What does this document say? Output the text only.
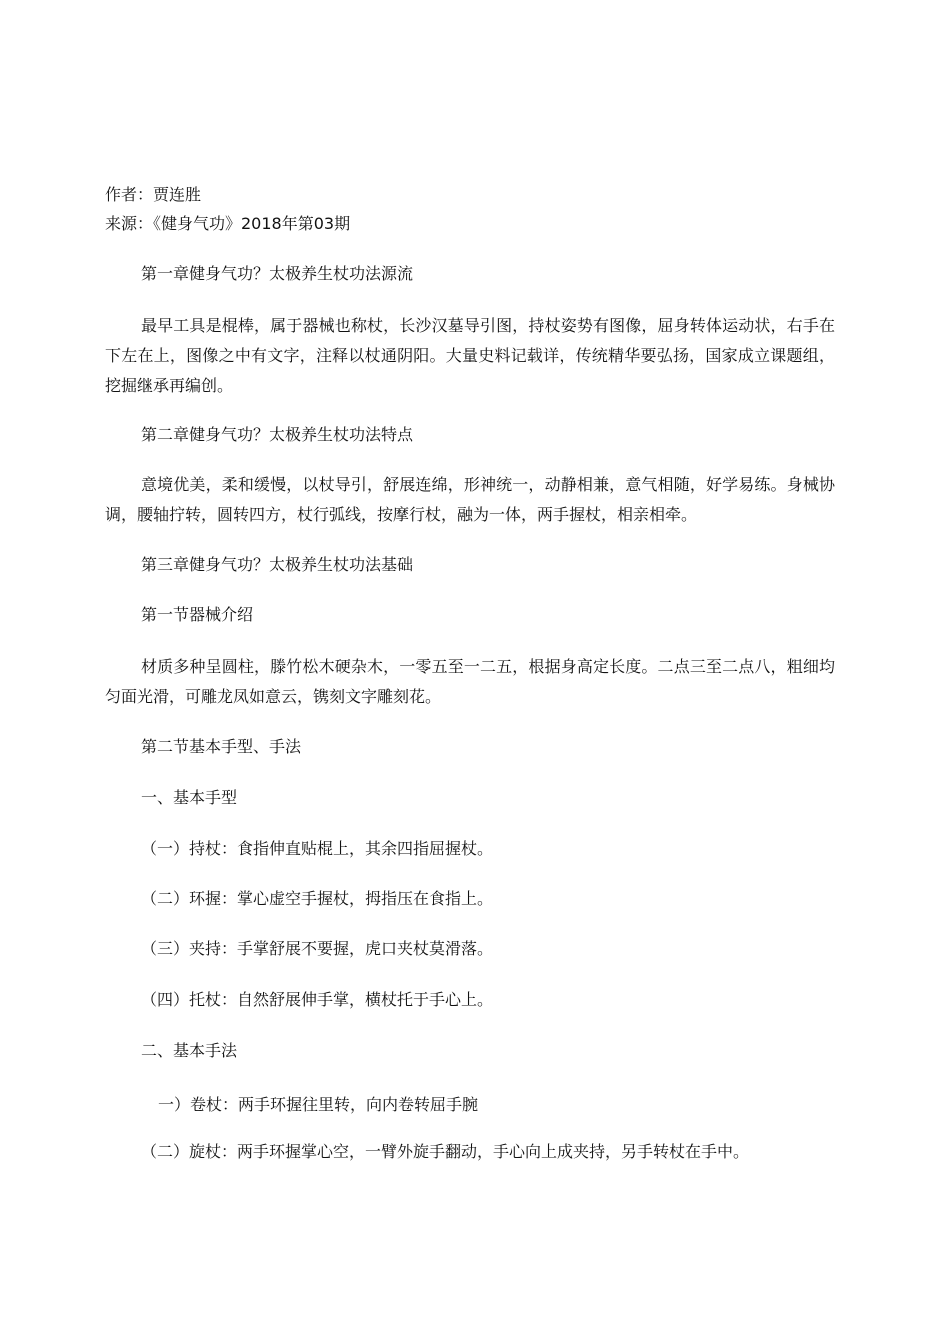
作者：贾连胜
来源：《健身气功》2018年第03期
第一章健身气功？太极养生杖功法源流
最早工具是棍棒，属于器械也称杖，长沙汉墓导引图，持杖姿势有图像，屈身转体运动状，右手在下左在上，图像之中有文字，注释以杖通阴阳。大量史料记载详，传统精华要弘扬，国家成立课题组，挖掘继承再编创。
第二章健身气功？太极养生杖功法特点
意境优美，柔和缓慢，以杖导引，舒展连绵，形神统一，动静相兼，意气相随，好学易练。身械协调，腰轴拧转，圆转四方，杖行弧线，按摩行杖，融为一体，两手握杖，相亲相牵。
第三章健身气功？太极养生杖功法基础
第一节器械介绍
材质多种呈圆柱，滕竹松木硬杂木，一零五至一二五，根据身高定长度。二点三至二点八，粗细均匀面光滑，可雕龙凤如意云，镌刻文字雕刻花。
第二节基本手型、手法
一、基本手型
（一）持杖：食指伸直贴棍上，其余四指屈握杖。
（二）环握：掌心虚空手握杖，拇指压在食指上。
（三）夹持：手掌舒展不要握，虎口夹杖莫滑落。
（四）托杖：自然舒展伸手掌，横杖托于手心上。
二、基本手法
一）卷杖：两手环握往里转，向内卷转屈手腕
（二）旋杖：两手环握掌心空，一臂外旋手翻动，手心向上成夹持，另手转杖在手中。
